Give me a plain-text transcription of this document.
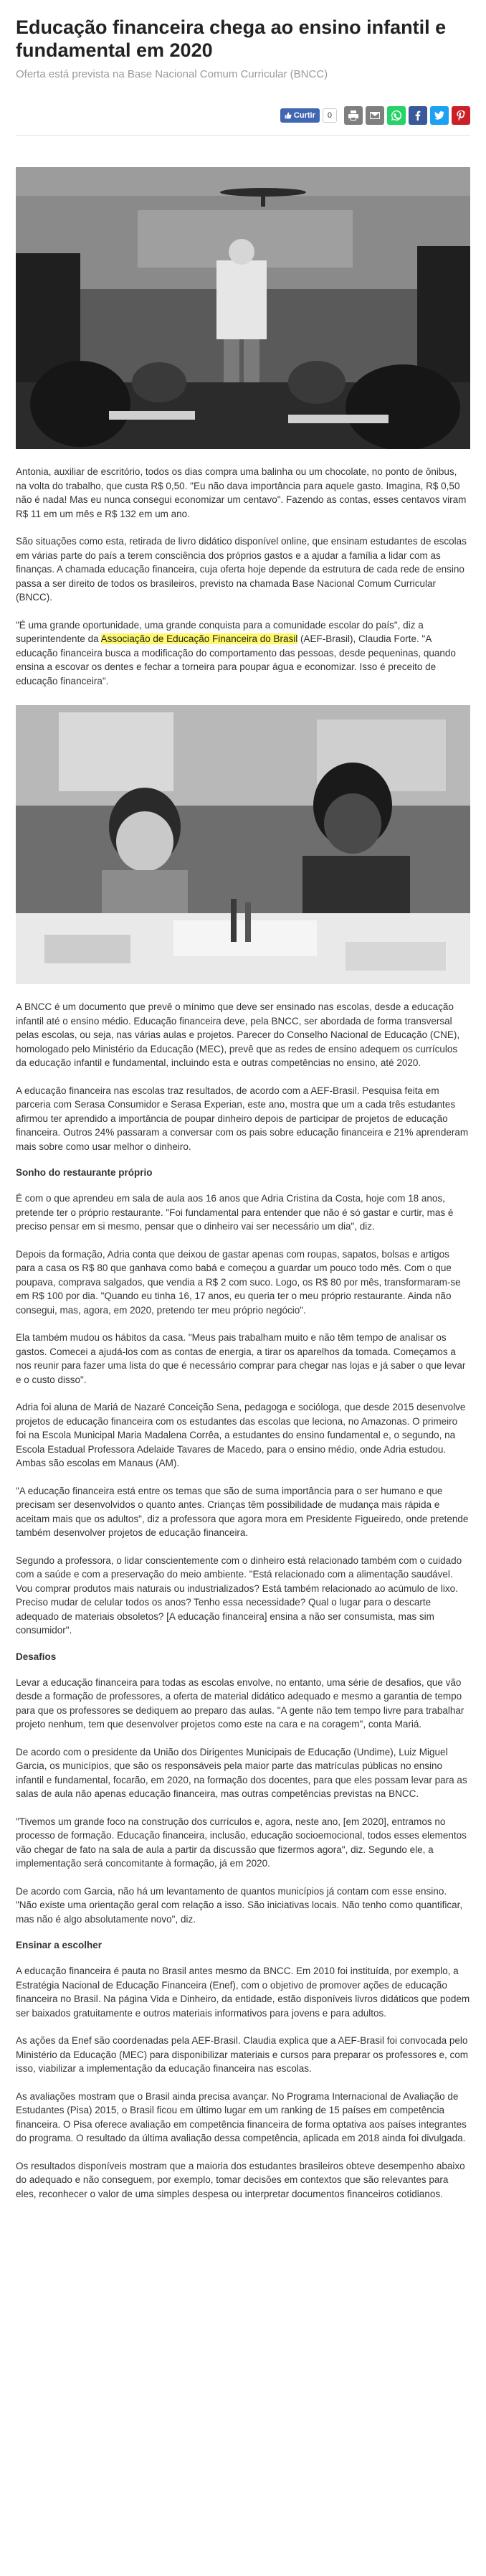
Educação financeira chega ao ensino infantil e fundamental em 2020
Oferta está prevista na Base Nacional Comum Curricular (BNCC)
Curtir	0

Antonia, auxiliar de escritório, todos os dias compra uma balinha ou um chocolate, no ponto de ônibus, na volta do trabalho, que custa R$ 0,50. "Eu não dava importância para aquele gasto. Imagina, R$ 0,50 não é nada! Mas eu nunca consegui economizar um centavo". Fazendo as contas, esses centavos viram R$ 11 em um mês e R$ 132 em um ano.

São situações como esta, retirada de livro didático disponível online, que ensinam estudantes de escolas em várias parte do país a terem consciência dos próprios gastos e a ajudar a família a lidar com as finanças. A chamada educação financeira, cuja oferta hoje depende da estrutura de cada rede de ensino passa a ser direito de todos os brasileiros, previsto na chamada Base Nacional Comum Curricular (BNCC).

"É uma grande oportunidade, uma grande conquista para a comunidade escolar do país", diz a superintendente da Associação de Educação Financeira do Brasil (AEF-Brasil), Claudia Forte. "A educação financeira busca a modificação do comportamento das pessoas, desde pequeninas, quando ensina a escovar os dentes e fechar a torneira para poupar água e economizar. Isso é preceito de educação financeira".

A BNCC é um documento que prevê o mínimo que deve ser ensinado nas escolas, desde a educação infantil até o ensino médio. Educação financeira deve, pela BNCC, ser abordada de forma transversal pelas escolas, ou seja, nas várias aulas e projetos. Parecer do Conselho Nacional de Educação (CNE), homologado pelo Ministério da Educação (MEC), prevê que as redes de ensino adequem os currículos da educação infantil e fundamental, incluindo esta e outras competências no ensino, até 2020.

A educação financeira nas escolas traz resultados, de acordo com a AEF-Brasil. Pesquisa feita em parceria com Serasa Consumidor e Serasa Experian, este ano, mostra que um a cada três estudantes afirmou ter aprendido a importância de poupar dinheiro depois de participar de projetos de educação financeira. Outros 24% passaram a conversar com os pais sobre educação financeira e 21% aprenderam mais sobre como usar melhor o dinheiro.

Sonho do restaurante próprio

É com o que aprendeu em sala de aula aos 16 anos que Adria Cristina da Costa, hoje com 18 anos, pretende ter o próprio restaurante. "Foi fundamental para entender que não é só gastar e curtir, mas é preciso pensar em si mesmo, pensar que o dinheiro vai ser necessário um dia", diz.

Depois da formação, Adria conta que deixou de gastar apenas com roupas, sapatos, bolsas e artigos para a casa os R$ 80 que ganhava como babá e começou a guardar um pouco todo mês. Com o que poupava, comprava salgados, que vendia a R$ 2 com suco. Logo, os R$ 80 por mês, transformaram-se em R$ 100 por dia. "Quando eu tinha 16, 17 anos, eu queria ter o meu próprio restaurante. Ainda não consegui, mas, agora, em 2020, pretendo ter meu próprio negócio".

Ela também mudou os hábitos da casa. "Meus pais trabalham muito e não têm tempo de analisar os gastos. Comecei a ajudá-los com as contas de energia, a tirar os aparelhos da tomada. Começamos a nos reunir para fazer uma lista do que é necessário comprar para chegar nas lojas e já saber o que levar e o custo disso".

Adria foi aluna de Mariá de Nazaré Conceição Sena, pedagoga e socióloga, que desde 2015 desenvolve projetos de educação financeira com os estudantes das escolas que leciona, no Amazonas. O primeiro foi na Escola Municipal Maria Madalena Corrêa, a estudantes do ensino fundamental e, o segundo, na Escola Estadual Professora Adelaide Tavares de Macedo, para o ensino médio, onde Adria estudou. Ambas são escolas em Manaus (AM).

"A educação financeira está entre os temas que são de suma importância para o ser humano e que precisam ser desenvolvidos o quanto antes. Crianças têm possibilidade de mudança mais rápida e aceitam mais que os adultos", diz a professora que agora mora em Presidente Figueiredo, onde pretende também desenvolver projetos de educação financeira.

Segundo a professora, o lidar conscientemente com o dinheiro está relacionado também com o cuidado com a saúde e com a preservação do meio ambiente. "Está relacionado com a alimentação saudável. Vou comprar produtos mais naturais ou industrializados? Está também relacionado ao acúmulo de lixo. Preciso mudar de celular todos os anos? Tenho essa necessidade? Qual o lugar para o descarte adequado de materiais obsoletos? [A educação financeira] ensina a não ser consumista, mas sim consumidor".

Desafios

Levar a educação financeira para todas as escolas envolve, no entanto, uma série de desafios, que vão desde a formação de professores, a oferta de material didático adequado e mesmo a garantia de tempo para que os professores se dediquem ao preparo das aulas. "A gente não tem tempo livre para trabalhar projeto nenhum, tem que desenvolver projetos como este na cara e na coragem", conta Mariá.

De acordo com o presidente da União dos Dirigentes Municipais de Educação (Undime), Luiz Miguel Garcia, os municípios, que são os responsáveis pela maior parte das matrículas públicas no ensino infantil e fundamental, focarão, em 2020, na formação dos docentes, para que eles possam levar para as salas de aula não apenas educação financeira, mas outras competências previstas na BNCC.

"Tivemos um grande foco na construção dos currículos e, agora, neste ano, [em 2020], entramos no processo de formação. Educação financeira, inclusão, educação socioemocional, todos esses elementos vão chegar de fato na sala de aula a partir da discussão que fizermos agora", diz. Segundo ele, a implementação será concomitante à formação, já em 2020.

De acordo com Garcia, não há um levantamento de quantos municípios já contam com esse ensino. "Não existe uma orientação geral com relação a isso. São iniciativas locais. Não tenho como quantificar, mas não é algo absolutamente novo", diz.

Ensinar a escolher

A educação financeira é pauta no Brasil antes mesmo da BNCC. Em 2010 foi instituída, por exemplo, a Estratégia Nacional de Educação Financeira (Enef), com o objetivo de promover ações de educação financeira no Brasil. Na página Vida e Dinheiro, da entidade, estão disponíveis livros didáticos que podem ser baixados gratuitamente e outros materiais informativos para jovens e para adultos.

As ações da Enef são coordenadas pela AEF-Brasil. Claudia explica que a AEF-Brasil foi convocada pelo Ministério da Educação (MEC) para disponibilizar materiais e cursos para preparar os professores e, com isso, viabilizar a implementação da educação financeira nas escolas.

As avaliações mostram que o Brasil ainda precisa avançar. No Programa Internacional de Avaliação de Estudantes (Pisa) 2015, o Brasil ficou em último lugar em um ranking de 15 países em competência financeira. O Pisa oferece avaliação em competência financeira de forma optativa aos países integrantes do programa. O resultado da última avaliação dessa competência, aplicada em 2018 ainda foi divulgada.

Os resultados disponíveis mostram que a maioria dos estudantes brasileiros obteve desempenho abaixo do adequado e não conseguem, por exemplo, tomar decisões em contextos que são relevantes para eles, reconhecer o valor de uma simples despesa ou interpretar documentos financeiros cotidianos.
